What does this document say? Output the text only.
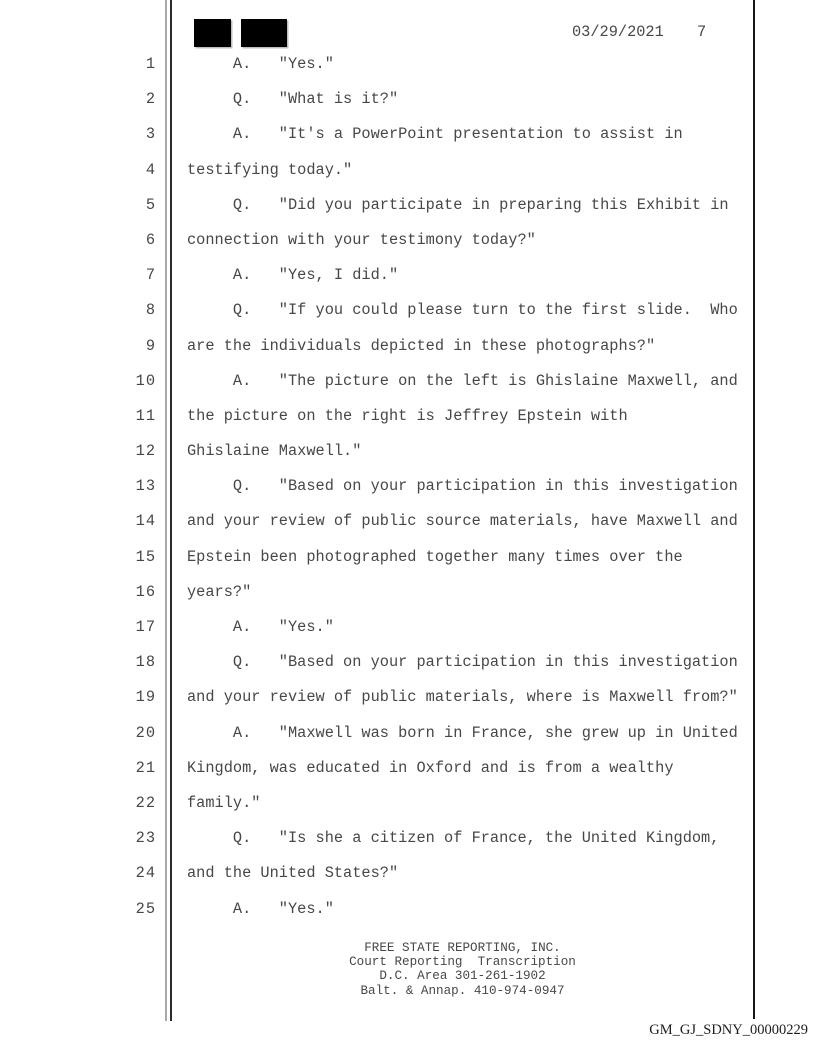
03/29/2021 7
1 A.   "Yes."
2 Q.   "What is it?"
3 A.   "It's a PowerPoint presentation to assist in
4 testifying today."
5 Q.   "Did you participate in preparing this Exhibit in
6 connection with your testimony today?"
7 A.   "Yes, I did."
8 Q.   "If you could please turn to the first slide.  Who
9 are the individuals depicted in these photographs?"
10 A.   "The picture on the left is Ghislaine Maxwell, and
11 the picture on the right is Jeffrey Epstein with
12 Ghislaine Maxwell."
13 Q.   "Based on your participation in this investigation
14 and your review of public source materials, have Maxwell and
15 Epstein been photographed together many times over the
16 years?"
17 A.   "Yes."
18 Q.   "Based on your participation in this investigation
19 and your review of public materials, where is Maxwell from?"
20 A.   "Maxwell was born in France, she grew up in United
21 Kingdom, was educated in Oxford and is from a wealthy
22 family."
23 Q.   "Is she a citizen of France, the United Kingdom,
24 and the United States?"
25 A.   "Yes."
FREE STATE REPORTING, INC.
Court Reporting  Transcription
D.C. Area 301-261-1902
Balt. & Annap. 410-974-0947
GM_GJ_SDNY_00000229
